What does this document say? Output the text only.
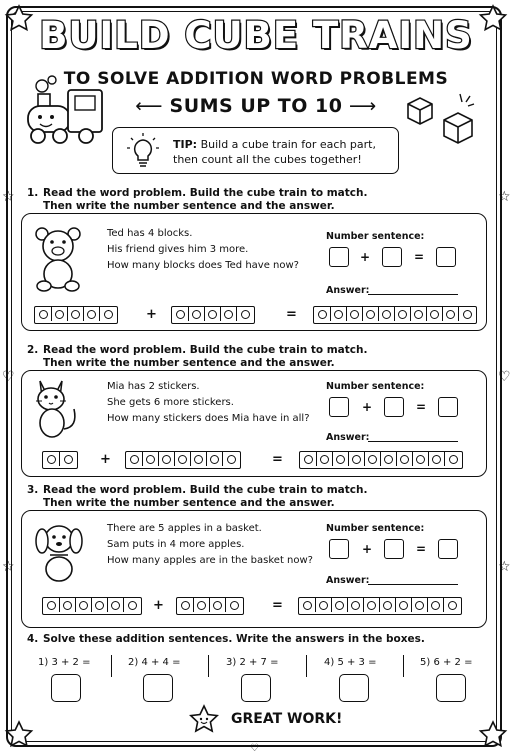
♡	♡
♡
☆	☆
☆	☆
BUILD CUBE TRAINS
TO SOLVE ADDITION WORD PROBLEMS
⟵ SUMS UP TO 10 ⟶
TIP: Build a cube train for each part,
then count all the cubes together!
1. Read the word problem. Build the cube train to match.
Then write the number sentence and the answer.
Ted has 4 blocks.
His friend gives him 3 more.
How many blocks does Ted have now?
Number sentence:
+	=
Answer:
+	=
2. Read the word problem. Build the cube train to match.
Then write the number sentence and the answer.
Mia has 2 stickers.
She gets 6 more stickers.
How many stickers does Mia have in all?
Number sentence:
+	=
Answer:
+	=
3. Read the word problem. Build the cube train to match.
Then write the number sentence and the answer.
There are 5 apples in a basket.
Sam puts in 4 more apples.
How many apples are in the basket now?
Number sentence:
+	=
Answer:
+	=
4. Solve these addition sentences. Write the answers in the boxes.
1) 3 + 2 =	2) 4 + 4 =	3) 2 + 7 =	4) 5 + 3 =	5) 6 + 2 =
GREAT WORK!
